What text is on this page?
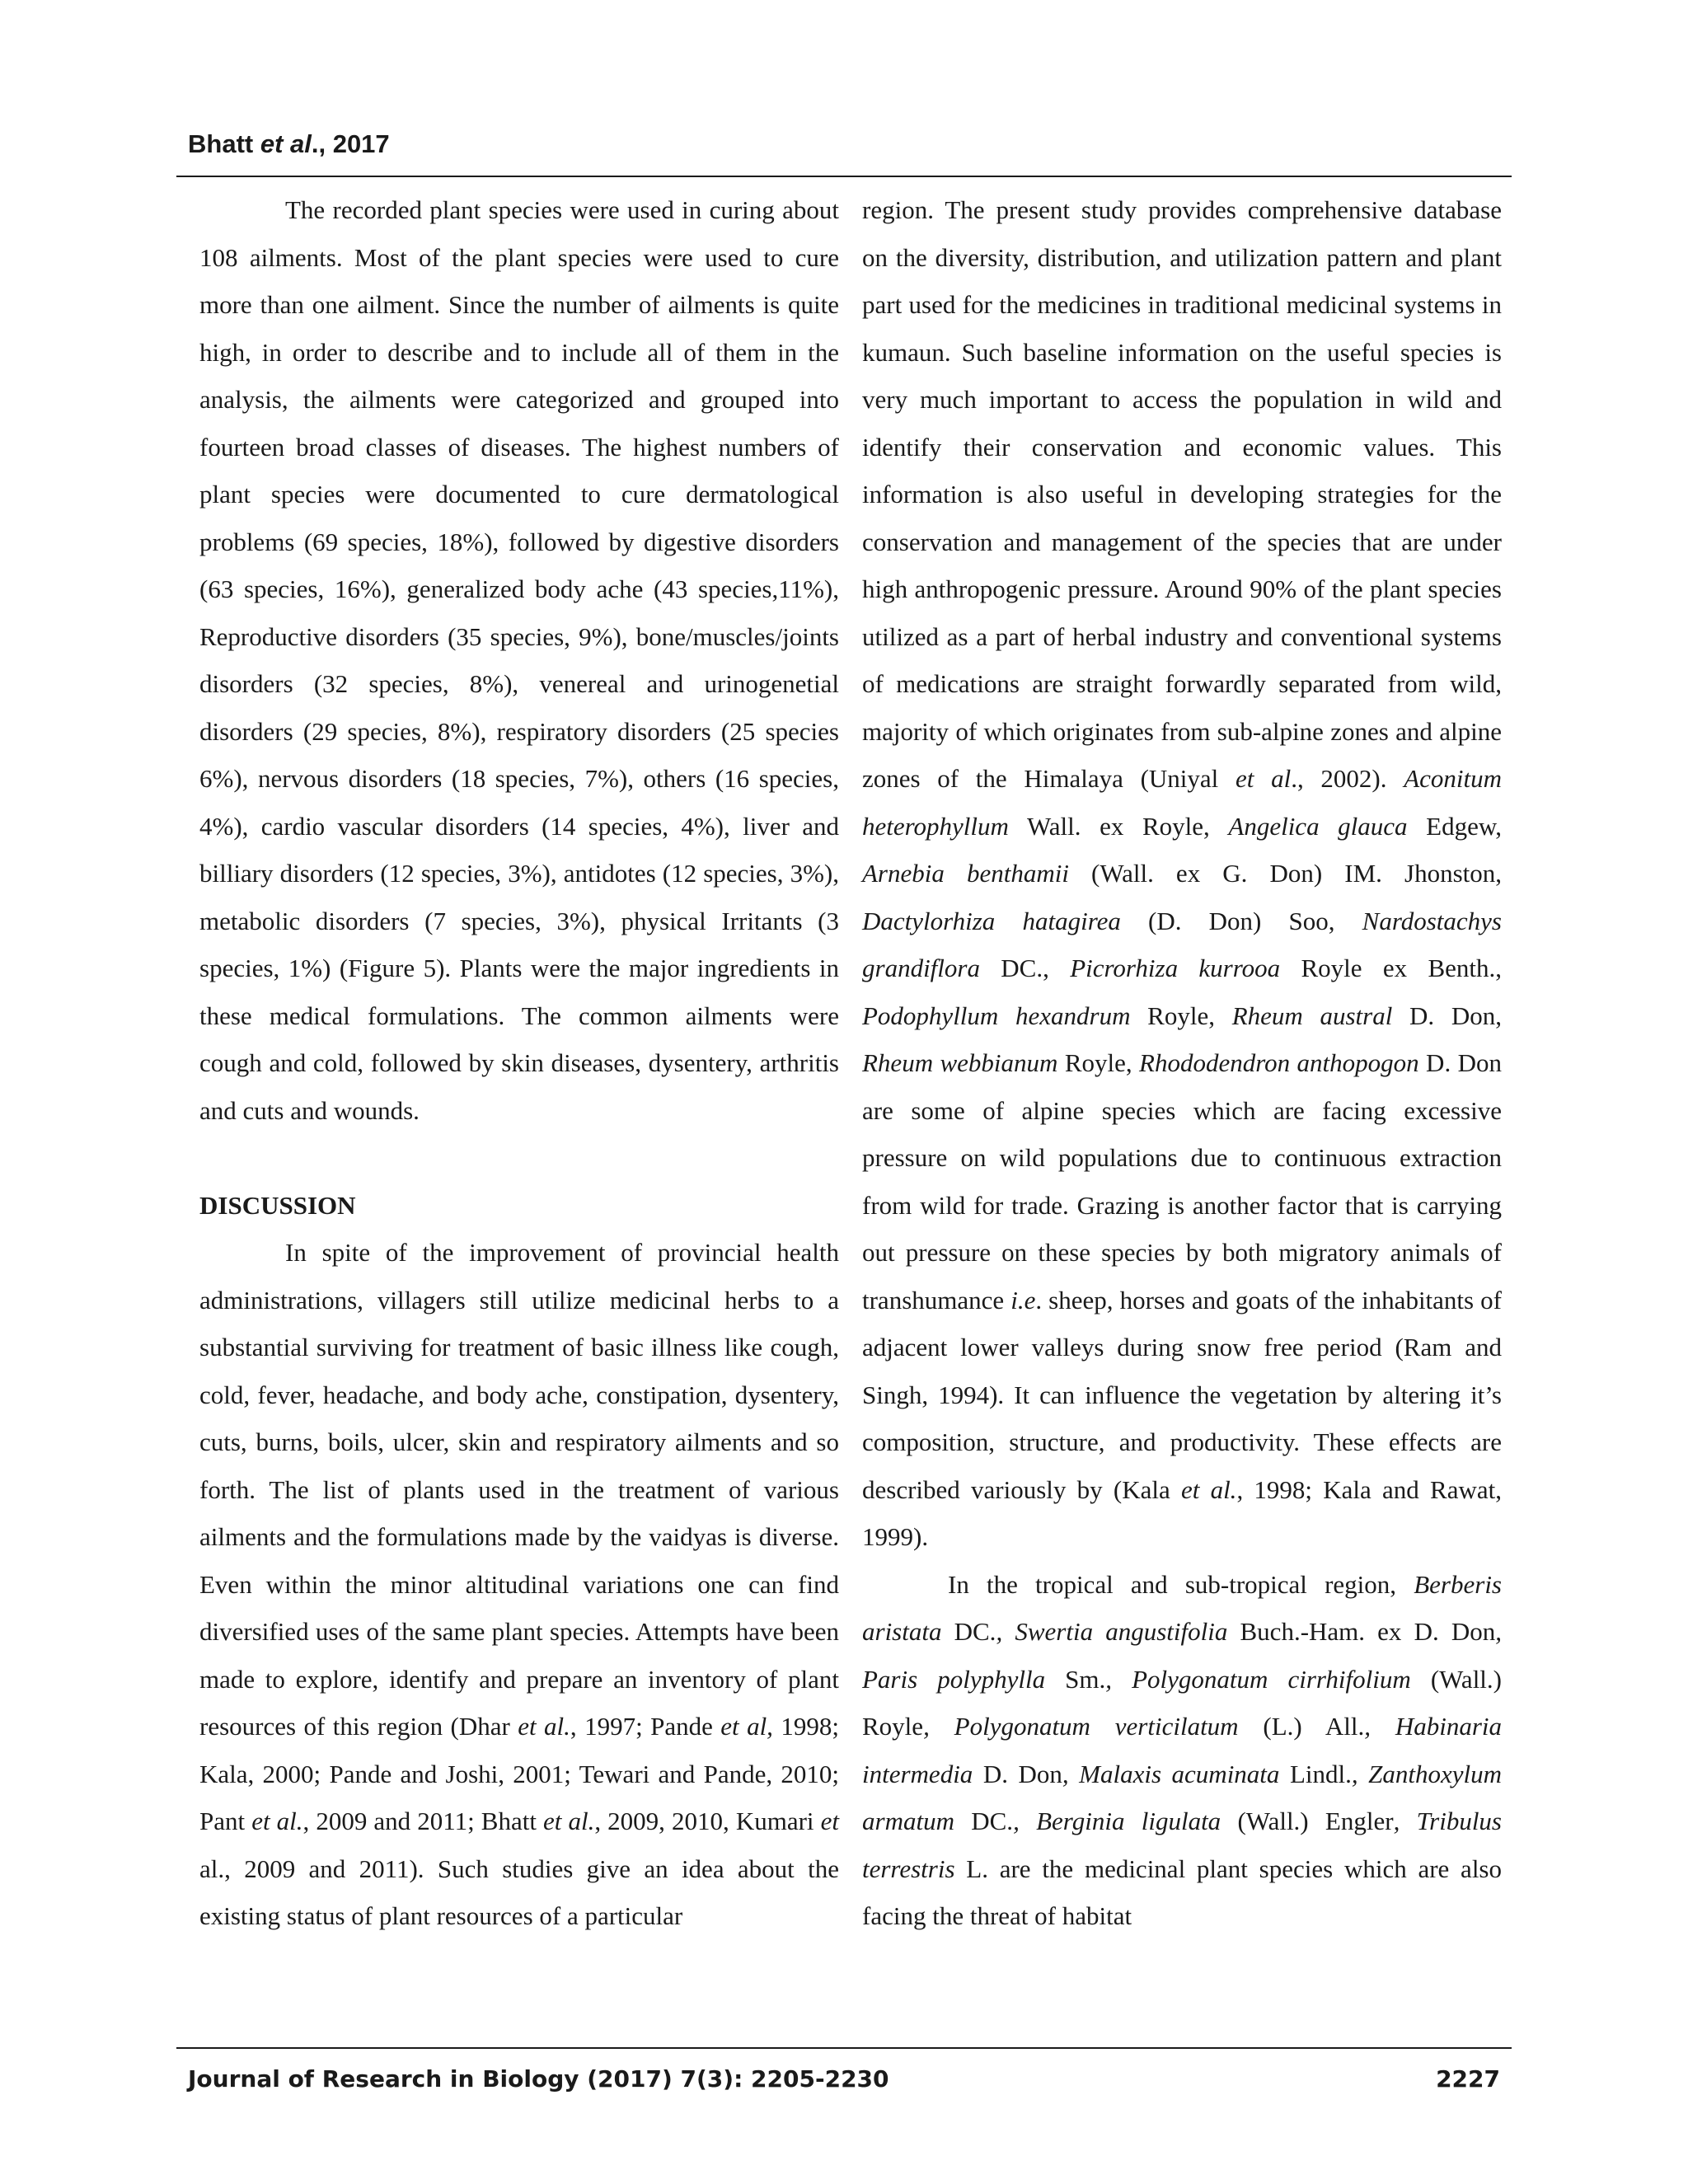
Bhatt et al., 2017

The recorded plant species were used in curing about 108 ailments. Most of the plant species were used to cure more than one ailment. Since the number of ailments is quite high, in order to describe and to include all of them in the analysis, the ailments were categorized and grouped into fourteen broad classes of diseases. The highest numbers of plant species were documented to cure dermatological problems (69 species, 18%), followed by digestive disorders (63 species, 16%), generalized body ache (43 species,11%), Reproductive disorders (35 species, 9%), bone/muscles/joints disorders (32 species, 8%), venereal and urinogenetial disorders (29 species, 8%), respiratory disorders (25 species 6%), nervous disorders (18 species, 7%), others (16 species, 4%), cardio vascular disorders (14 species, 4%), liver and billiary disorders (12 species, 3%), antidotes (12 species, 3%), metabolic disorders (7 species, 3%), physical Irritants (3 species, 1%) (Figure 5). Plants were the major ingredients in these medical formulations. The common ailments were cough and cold, followed by skin diseases, dysentery, arthritis and cuts and wounds.

DISCUSSION

In spite of the improvement of provincial health administrations, villagers still utilize medicinal herbs to a substantial surviving for treatment of basic illness like cough, cold, fever, headache, and body ache, constipation, dysentery, cuts, burns, boils, ulcer, skin and respiratory ailments and so forth. The list of plants used in the treatment of various ailments and the formulations made by the vaidyas is diverse. Even within the minor altitudinal variations one can find diversified uses of the same plant species. Attempts have been made to explore, identify and prepare an inventory of plant resources of this region (Dhar et al., 1997; Pande et al, 1998; Kala, 2000; Pande and Joshi, 2001; Tewari and Pande, 2010; Pant et al., 2009 and 2011; Bhatt et al., 2009, 2010, Kumari et al., 2009 and 2011). Such studies give an idea about the existing status of plant resources of a particular

region. The present study provides comprehensive database on the diversity, distribution, and utilization pattern and plant part used for the medicines in traditional medicinal systems in kumaun. Such baseline information on the useful species is very much important to access the population in wild and identify their conservation and economic values. This information is also useful in developing strategies for the conservation and management of the species that are under high anthropogenic pressure. Around 90% of the plant species utilized as a part of herbal industry and conventional systems of medications are straight forwardly separated from wild, majority of which originates from sub-alpine zones and alpine zones of the Himalaya (Uniyal et al., 2002). Aconitum heterophyllum Wall. ex Royle, Angelica glauca Edgew, Arnebia benthamii (Wall. ex G. Don) IM. Jhonston, Dactylorhiza hatagirea (D. Don) Soo, Nardostachys grandiflora DC., Picrorhiza kurrooa Royle ex Benth., Podophyllum hexandrum Royle, Rheum austral D. Don, Rheum webbianum Royle, Rhododendron anthopogon D. Don are some of alpine species which are facing excessive pressure on wild populations due to continuous extraction from wild for trade. Grazing is another factor that is carrying out pressure on these species by both migratory animals of transhumance i.e. sheep, horses and goats of the inhabitants of adjacent lower valleys during snow free period (Ram and Singh, 1994). It can influence the vegetation by altering it’s composition, structure, and productivity. These effects are described variously by (Kala et al., 1998; Kala and Rawat, 1999).

In the tropical and sub-tropical region, Berberis aristata DC., Swertia angustifolia Buch.-Ham. ex D. Don, Paris polyphylla Sm., Polygonatum cirrhifolium (Wall.) Royle, Polygonatum verticilatum (L.) All., Habinaria intermedia D. Don, Malaxis acuminata Lindl., Zanthoxylum armatum DC., Berginia ligulata (Wall.) Engler, Tribulus terrestris L. are the medicinal plant species which are also facing the threat of habitat

Journal of Research in Biology (2017) 7(3): 2205-2230	2227
